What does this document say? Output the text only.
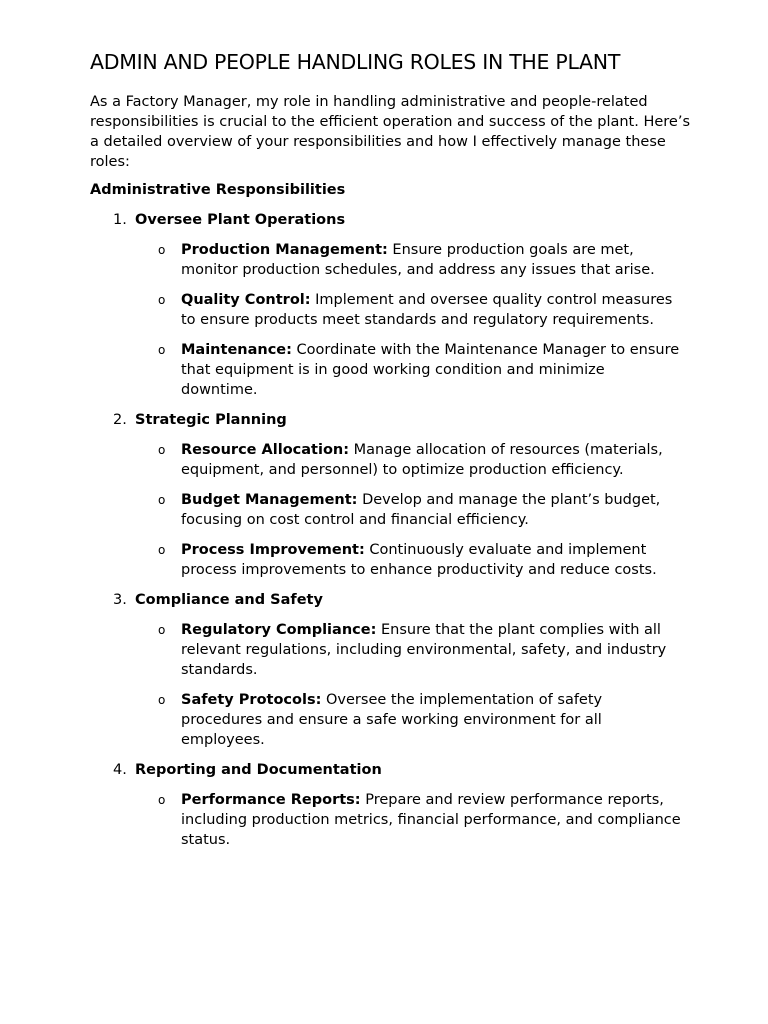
ADMIN AND PEOPLE HANDLING ROLES IN THE PLANT

As a Factory Manager, my role in handling administrative and people-related responsibilities is crucial to the efficient operation and success of the plant. Here’s a detailed overview of your responsibilities and how I effectively manage these roles:

Administrative Responsibilities

1. Oversee Plant Operations
o Production Management: Ensure production goals are met, monitor production schedules, and address any issues that arise.
o Quality Control: Implement and oversee quality control measures to ensure products meet standards and regulatory requirements.
o Maintenance: Coordinate with the Maintenance Manager to ensure that equipment is in good working condition and minimize downtime.
2. Strategic Planning
o Resource Allocation: Manage allocation of resources (materials, equipment, and personnel) to optimize production efficiency.
o Budget Management: Develop and manage the plant’s budget, focusing on cost control and financial efficiency.
o Process Improvement: Continuously evaluate and implement process improvements to enhance productivity and reduce costs.
3. Compliance and Safety
o Regulatory Compliance: Ensure that the plant complies with all relevant regulations, including environmental, safety, and industry standards.
o Safety Protocols: Oversee the implementation of safety procedures and ensure a safe working environment for all employees.
4. Reporting and Documentation
o Performance Reports: Prepare and review performance reports, including production metrics, financial performance, and compliance status.
